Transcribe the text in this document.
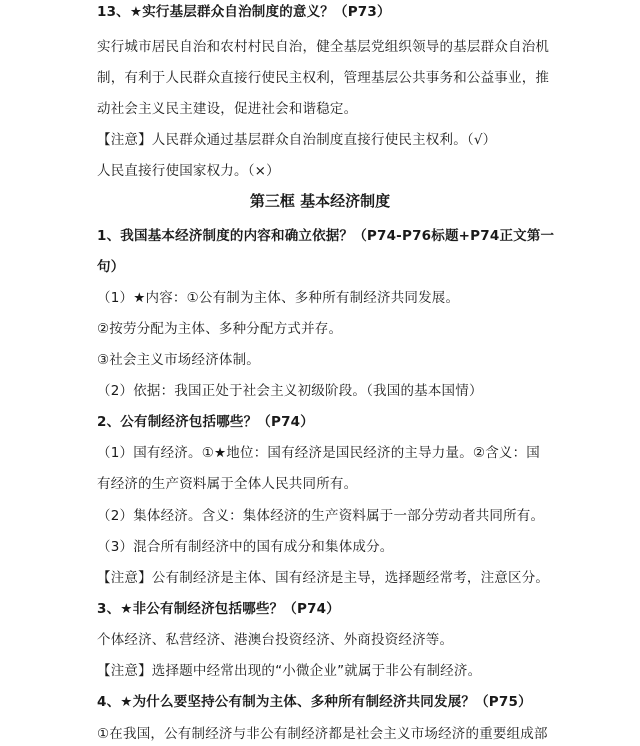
13、★实行基层群众自治制度的意义？（P73）
实行城市居民自治和农村村民自治，健全基层党组织领导的基层群众自治机
制，有利于人民群众直接行使民主权利，管理基层公共事务和公益事业，推
动社会主义民主建设，促进社会和谐稳定。
【注意】人民群众通过基层群众自治制度直接行使民主权利。（√）
人民直接行使国家权力。（×）
第三框 基本经济制度
1、我国基本经济制度的内容和确立依据？（P74-P76标题+P74正文第一
句）
（1）★内容：①公有制为主体、多种所有制经济共同发展。
②按劳分配为主体、多种分配方式并存。
③社会主义市场经济体制。
（2）依据：我国正处于社会主义初级阶段。（我国的基本国情）
2、公有制经济包括哪些？（P74）
（1）国有经济。①★地位：国有经济是国民经济的主导力量。②含义：国
有经济的生产资料属于全体人民共同所有。
（2）集体经济。含义：集体经济的生产资料属于一部分劳动者共同所有。
（3）混合所有制经济中的国有成分和集体成分。
【注意】公有制经济是主体、国有经济是主导，选择题经常考，注意区分。
3、★非公有制经济包括哪些？（P74）
个体经济、私营经济、港澳台投资经济、外商投资经济等。
【注意】选择题中经常出现的“小微企业”就属于非公有制经济。
4、★为什么要坚持公有制为主体、多种所有制经济共同发展？（P75）
①在我国，公有制经济与非公有制经济都是社会主义市场经济的重要组成部
